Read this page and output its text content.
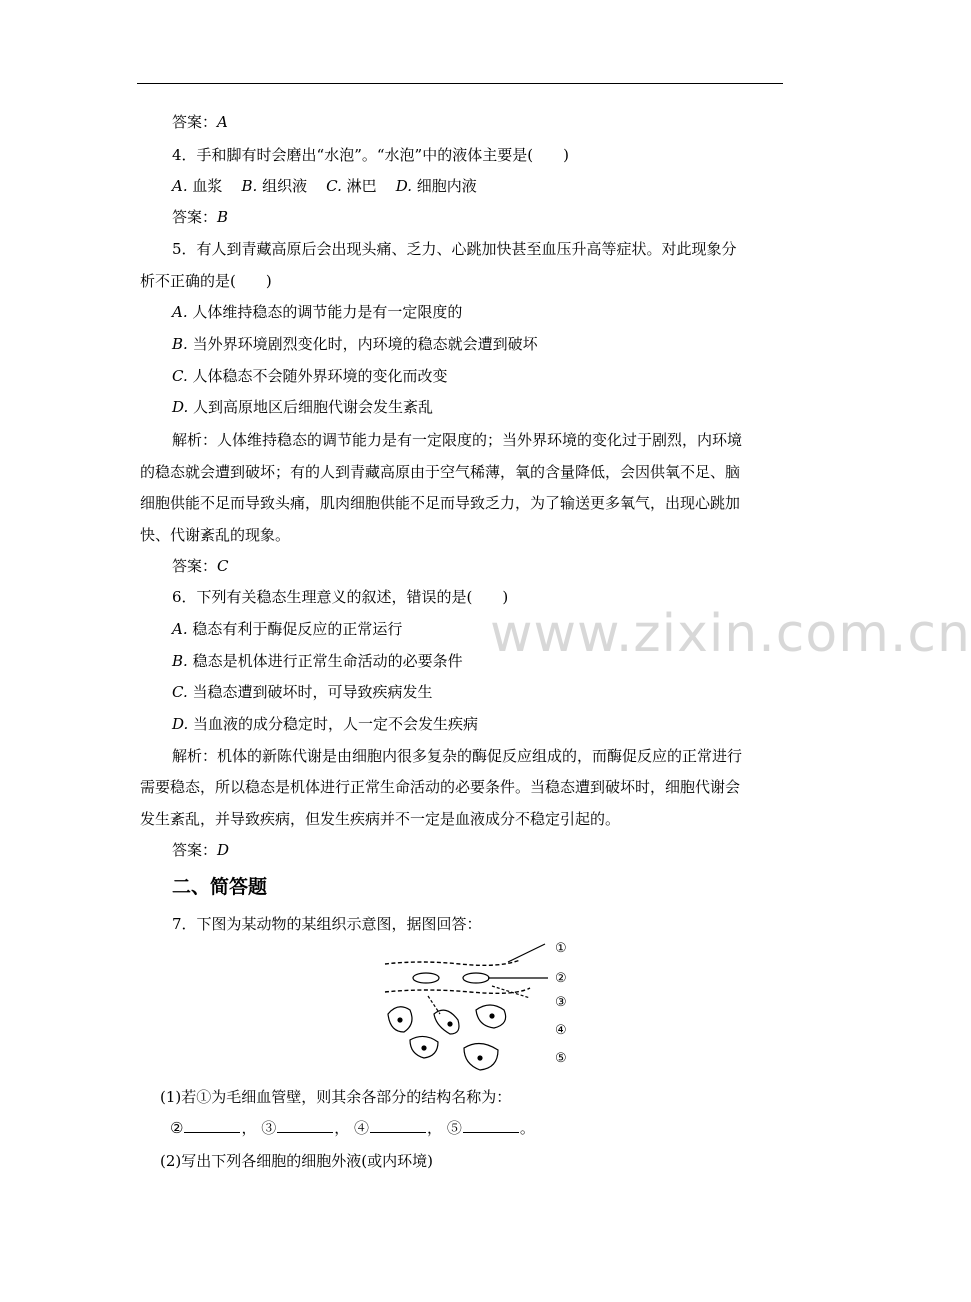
www.zixin.com.cn
答案：A
4．手和脚有时会磨出“水泡”。“水泡”中的液体主要是(　　)
A. 血浆 B. 组织液 C. 淋巴 D. 细胞内液
答案：B
5．有人到青藏高原后会出现头痛、乏力、心跳加快甚至血压升高等症状。对此现象分
析不正确的是(　　)
A. 人体维持稳态的调节能力是有一定限度的
B. 当外界环境剧烈变化时，内环境的稳态就会遭到破坏
C. 人体稳态不会随外界环境的变化而改变
D. 人到高原地区后细胞代谢会发生紊乱
解析：人体维持稳态的调节能力是有一定限度的；当外界环境的变化过于剧烈，内环境
的稳态就会遭到破坏；有的人到青藏高原由于空气稀薄，氧的含量降低，会因供氧不足、脑
细胞供能不足而导致头痛，肌肉细胞供能不足而导致乏力，为了输送更多氧气，出现心跳加
快、代谢紊乱的现象。
答案：C
6．下列有关稳态生理意义的叙述，错误的是(　　)
A. 稳态有利于酶促反应的正常运行
B. 稳态是机体进行正常生命活动的必要条件
C. 当稳态遭到破坏时，可导致疾病发生
D. 当血液的成分稳定时，人一定不会发生疾病
解析：机体的新陈代谢是由细胞内很多复杂的酶促反应组成的，而酶促反应的正常进行
需要稳态，所以稳态是机体进行正常生命活动的必要条件。当稳态遭到破坏时，细胞代谢会
发生紊乱，并导致疾病，但发生疾病并不一定是血液成分不稳定引起的。
答案：D
二、简答题
7．下图为某动物的某组织示意图，据图回答：
①
②
③
④
⑤
(1)若①为毛细血管壁，则其余各部分的结构名称为：
②	， ③	， ④	， ⑤	。
(2)写出下列各细胞的细胞外液(或内环境)
